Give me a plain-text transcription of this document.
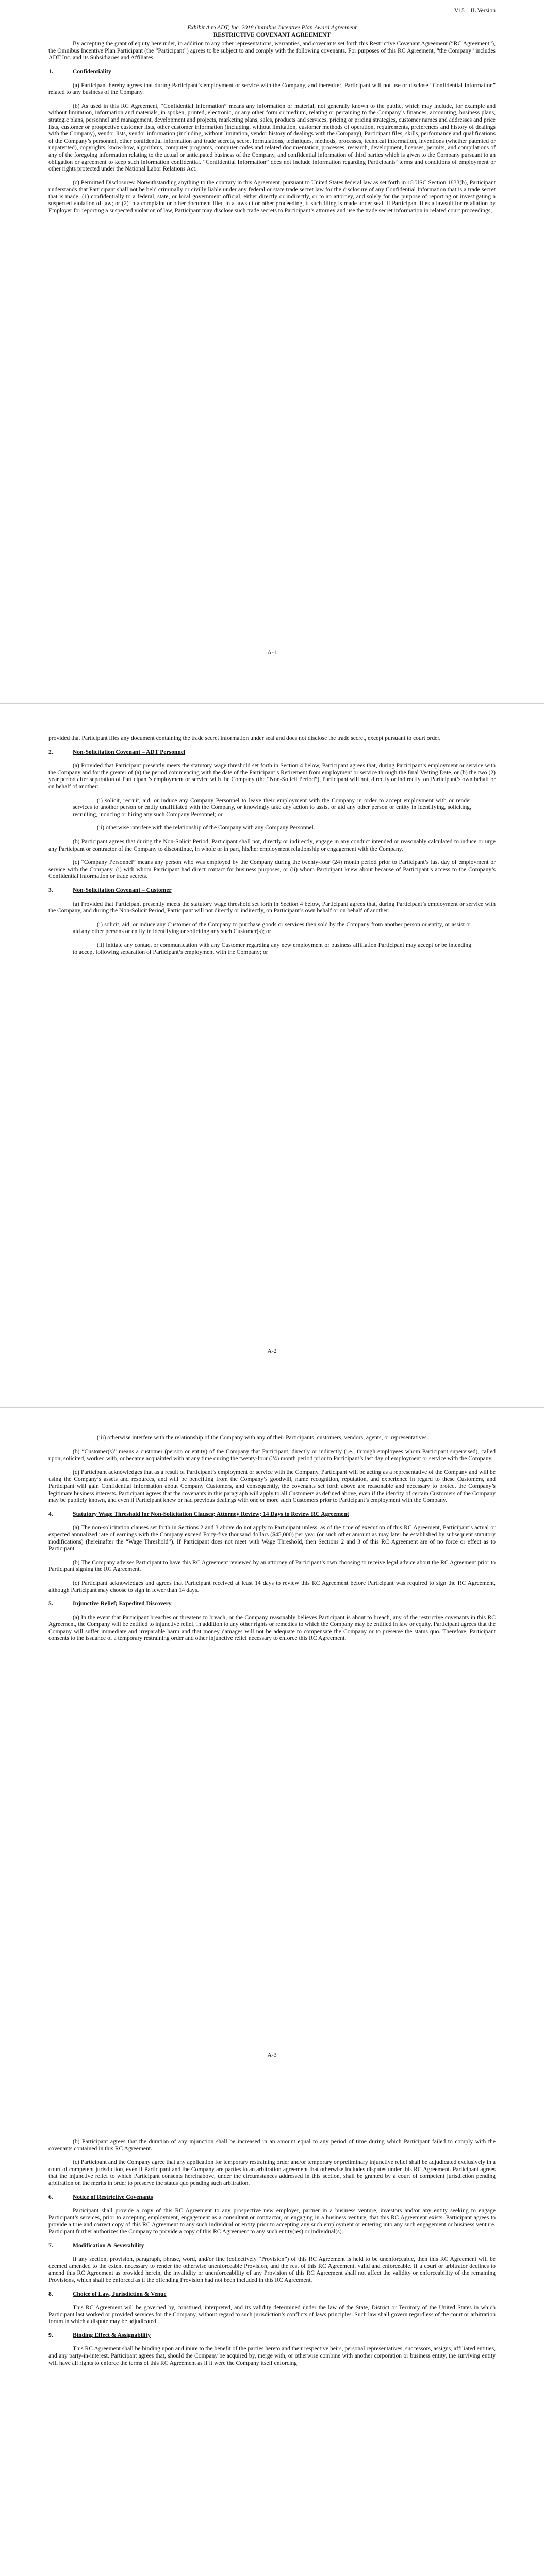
V15 – IL Version

Exhibit A to ADT, Inc. 2018 Omnibus Incentive Plan Award Agreement

RESTRICTIVE COVENANT AGREEMENT

By accepting the grant of equity hereunder, in addition to any other representations, warranties, and covenants set forth this Restrictive Covenant Agreement (“RC Agreement”), the Omnibus Incentive Plan Participant (the “Participant”) agrees to be subject to and comply with the following covenants. For purposes of this RC Agreement, “the Company” includes ADT Inc. and its Subsidiaries and Affiliates.

1.	Confidentiality

(a) Participant hereby agrees that during Participant’s employment or service with the Company, and thereafter, Participant will not use or disclose “Confidential Information” related to any business of the Company.

(b) As used in this RC Agreement, “Confidential Information” means any information or material, not generally known to the public, which may include, for example and without limitation, information and materials, in spoken, printed, electronic, or any other form or medium, relating or pertaining to the Company’s finances, accounting, business plans, strategic plans, personnel and management, development and projects, marketing plans, sales, products and services, pricing or pricing strategies, customer names and addresses and price lists, customer or prospective customer lists, other customer information (including, without limitation, customer methods of operation, requirements, preferences and history of dealings with the Company), vendor lists, vendor information (including, without limitation, vendor history of dealings with the Company), Participant files, skills, performance and qualifications of the Company’s personnel, other confidential information and trade secrets, secret formulations, techniques, methods, processes, technical information, inventions (whether patented or unpatented), copyrights, know-how, algorithms, computer programs, computer codes and related documentation, processes, research, development, licenses, permits, and compilations of any of the foregoing information relating to the actual or anticipated business of the Company, and confidential information of third parties which is given to the Company pursuant to an obligation or agreement to keep such information confidential. “Confidential Information” does not include information regarding Participants’ terms and conditions of employment or other rights protected under the National Labor Relations Act.

(c) Permitted Disclosures: Notwithstanding anything to the contrary in this Agreement, pursuant to United States federal law as set forth in 18 USC Section 1833(b), Participant understands that Participant shall not be held criminally or civilly liable under any federal or state trade secret law for the disclosure of any Confidential Information that is a trade secret that is made: (1) confidentially to a federal, state, or local government official, either directly or indirectly, or to an attorney, and solely for the purpose of reporting or investigating a suspected violation of law; or (2) in a complaint or other document filed in a lawsuit or other proceeding, if such filing is made under seal. If Participant files a lawsuit for retaliation by Employer for reporting a suspected violation of law, Participant may disclose such trade secrets to Participant’s attorney and use the trade secret information in related court proceedings,

A-1

provided that Participant files any document containing the trade secret information under seal and does not disclose the trade secret, except pursuant to court order.

2.	Non-Solicitation Covenant – ADT Personnel

(a) Provided that Participant presently meets the statutory wage threshold set forth in Section 4 below, Participant agrees that, during Participant’s employment or service with the Company and for the greater of (a) the period commencing with the date of the Participant’s Retirement from employment or service through the final Vesting Date, or (b) the two (2) year period after separation of Participant’s employment or service with the Company (the “Non-Solicit Period”), Participant will not, directly or indirectly, on Participant’s own behalf or on behalf of another:

(i) solicit, recruit, aid, or induce any Company Personnel to leave their employment with the Company in order to accept employment with or render services to another person or entity unaffiliated with the Company, or knowingly take any action to assist or aid any other person or entity in identifying, soliciting, recruiting, inducing or hiring any such Company Personnel; or

(ii) otherwise interfere with the relationship of the Company with any Company Personnel.

(b) Participant agrees that during the Non-Solicit Period, Participant shall not, directly or indirectly, engage in any conduct intended or reasonably calculated to induce or urge any Participant or contractor of the Company to discontinue, in whole or in part, his/her employment relationship or engagement with the Company.

(c) “Company Personnel” means any person who was employed by the Company during the twenty-four (24) month period prior to Participant’s last day of employment or service with the Company, (i) with whom Participant had direct contact for business purposes, or (ii) whom Participant knew about because of Participant’s access to the Company’s Confidential Information or trade secrets.

3.	Non-Solicitation Covenant – Customer

(a) Provided that Participant presently meets the statutory wage threshold set forth in Section 4 below, Participant agrees that, during Participant’s employment or service with the Company, and during the Non-Solicit Period, Participant will not directly or indirectly, on Participant’s own behalf or on behalf of another:

(i) solicit, aid, or induce any Customer of the Company to purchase goods or services then sold by the Company from another person or entity, or assist or aid any other persons or entity in identifying or soliciting any such Customer(s); or

(ii) initiate any contact or communication with any Customer regarding any new employment or business affiliation Participant may accept or be intending to accept following separation of Participant’s employment with the Company; or

A-2

(iii) otherwise interfere with the relationship of the Company with any of their Participants, customers, vendors, agents, or representatives.

(b) “Customer(s)” means a customer (person or entity) of the Company that Participant, directly or indirectly (i.e., through employees whom Participant supervised), called upon, solicited, worked with, or became acquainted with at any time during the twenty-four (24) month period prior to Participant’s last day of employment or service with the Company.

(c) Participant acknowledges that as a result of Participant’s employment or service with the Company, Participant will be acting as a representative of the Company and will be using the Company’s assets and resources, and will be benefiting from the Company’s goodwill, name recognition, reputation, and experience in regard to these Customers, and Participant will gain Confidential Information about Company Customers, and consequently, the covenants set forth above are reasonable and necessary to protect the Company’s legitimate business interests. Participant agrees that the covenants in this paragraph will apply to all Customers as defined above, even if the identity of certain Customers of the Company may be publicly known, and even if Participant knew or had previous dealings with one or more such Customers prior to Participant’s employment with the Company.

4.	Statutory Wage Threshold for Non-Solicitation Clauses; Attorney Review; 14 Days to Review RC Agreement

(a) The non-solicitation clauses set forth in Sections 2 and 3 above do not apply to Participant unless, as of the time of execution of this RC Agreement, Participant’s actual or expected annualized rate of earnings with the Company exceed Forty-five thousand dollars ($45,000) per year (or such other amount as may later be established by subsequent statutory modifications) (hereinafter the “Wage Threshold”). If Participant does not meet with Wage Threshold, then Sections 2 and 3 of this RC Agreement are of no force or effect as to Participant.

(b) The Company advises Participant to have this RC Agreement reviewed by an attorney of Participant’s own choosing to receive legal advice about the RC Agreement prior to Participant signing the RC Agreement.

(c) Participant acknowledges and agrees that Participant received at least 14 days to review this RC Agreement before Participant was required to sign the RC Agreement, although Participant may choose to sign in fewer than 14 days.

5.	Injunctive Relief; Expedited Discovery

(a) In the event that Participant breaches or threatens to breach, or the Company reasonably believes Participant is about to breach, any of the restrictive covenants in this RC Agreement, the Company will be entitled to injunctive relief, in addition to any other rights or remedies to which the Company may be entitled in law or equity. Participant agrees that the Company will suffer immediate and irreparable harm and that money damages will not be adequate to compensate the Company or to preserve the status quo. Therefore, Participant consents to the issuance of a temporary restraining order and other injunctive relief necessary to enforce this RC Agreement.

A-3

(b) Participant agrees that the duration of any injunction shall be increased in an amount equal to any period of time during which Participant failed to comply with the covenants contained in this RC Agreement.

(c) Participant and the Company agree that any application for temporary restraining order and/or temporary or preliminary injunctive relief shall be adjudicated exclusively in a court of competent jurisdiction, even if Participant and the Company are parties to an arbitration agreement that otherwise includes disputes under this RC Agreement. Participant agrees that the injunctive relief to which Participant consents hereinabove, under the circumstances addressed in this section, shall be granted by a court of competent jurisdiction pending arbitration on the merits in order to preserve the status quo pending such arbitration.

6.	Notice of Restrictive Covenants

Participant shall provide a copy of this RC Agreement to any prospective new employer, partner in a business venture, investors and/or any entity seeking to engage Participant’s services, prior to accepting employment, engagement as a consultant or contractor, or engaging in a business venture, that this RC Agreement exists. Participant agrees to provide a true and correct copy of this RC Agreement to any such individual or entity prior to accepting any such employment or entering into any such engagement or business venture. Participant further authorizes the Company to provide a copy of this RC Agreement to any such entity(ies) or individual(s).

7.	Modification & Severability

If any section, provision, paragraph, phrase, word, and/or line (collectively “Provision”) of this RC Agreement is held to be unenforceable, then this RC Agreement will be deemed amended to the extent necessary to render the otherwise unenforceable Provision, and the rest of this RC Agreement, valid and enforceable. If a court or arbitrator declines to amend this RC Agreement as provided herein, the invalidity or unenforceability of any Provision of this RC Agreement shall not affect the validity or enforceability of the remaining Provisions, which shall be enforced as if the offending Provision had not been included in this RC Agreement.

8.	Choice of Law, Jurisdiction & Venue

This RC Agreement will be governed by, construed, interpreted, and its validity determined under the law of the State, District or Territory of the United States in which Participant last worked or provided services for the Company, without regard to such jurisdiction’s conflicts of laws principles. Such law shall govern regardless of the court or arbitration forum in which a dispute may be adjudicated.

9.	Binding Effect & Assignability

This RC Agreement shall be binding upon and inure to the benefit of the parties hereto and their respective heirs, personal representatives, successors, assigns, affiliated entities, and any party-in-interest. Participant agrees that, should the Company be acquired by, merge with, or otherwise combine with another corporation or business entity, the surviving entity will have all rights to enforce the terms of this RC Agreement as if it were the Company itself enforcing
